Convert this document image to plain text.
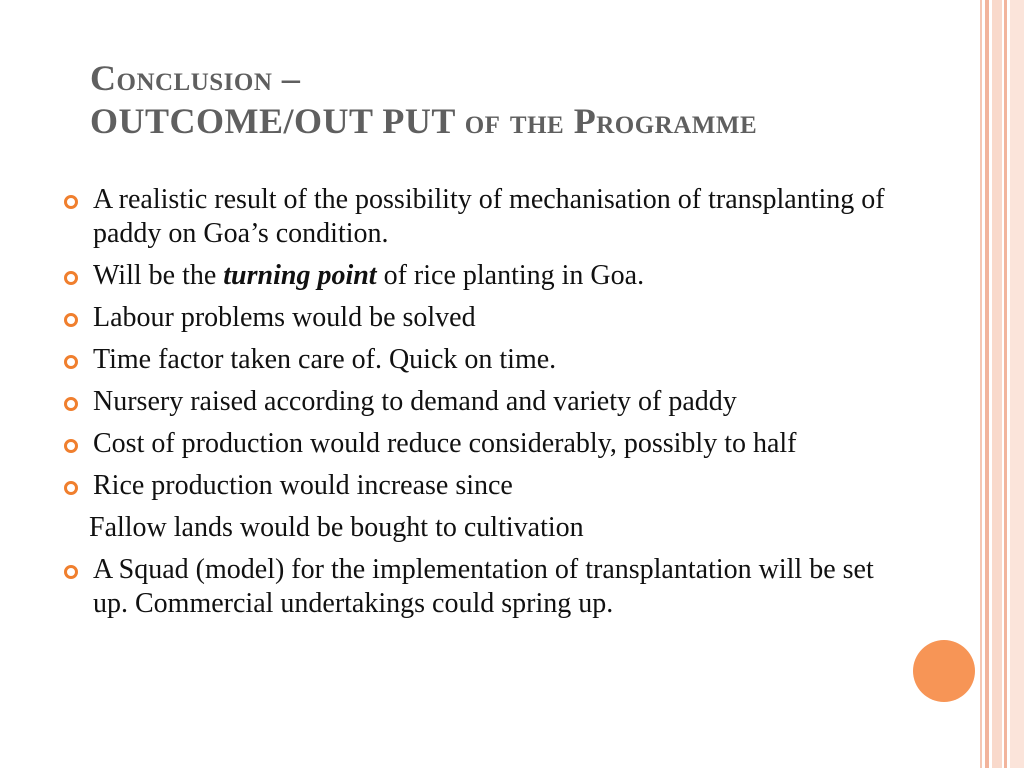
Conclusion –
OUTCOME/OUT PUT of the Programme
A realistic result of the possibility of mechanisation of transplanting of paddy on Goa’s condition.
Will be the turning point of rice planting in Goa.
Labour problems would be solved
Time factor taken care of. Quick on time.
Nursery raised according to demand and variety of paddy
Cost of production would reduce considerably, possibly to half
Rice production would increase since
Fallow lands would be bought to cultivation
A Squad (model) for the implementation of transplantation will be set up. Commercial undertakings could spring up.
